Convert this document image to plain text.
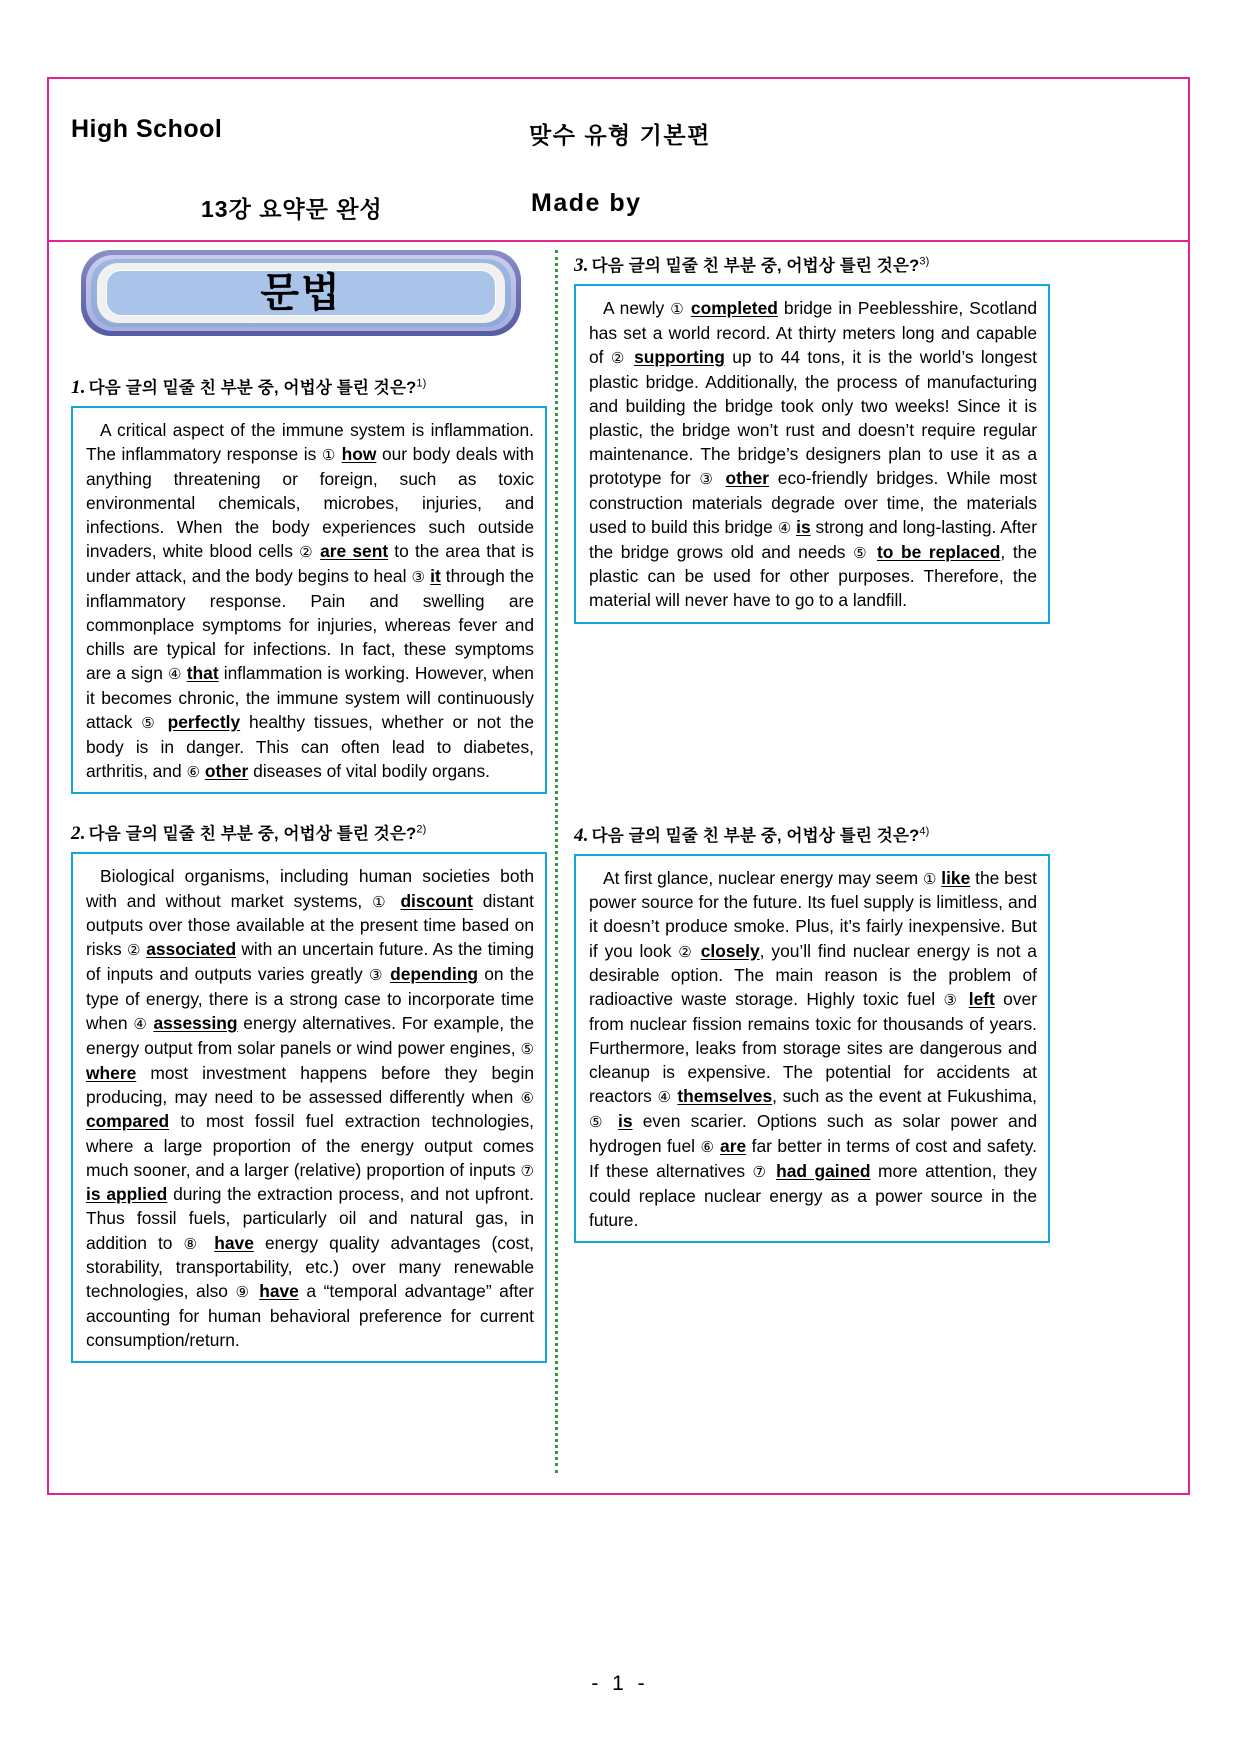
High School	맞수 유형 기본편
13강 요약문 완성	Made by
문법
1. 다음 글의 밑줄 친 부분 중, 어법상 틀린 것은?$^{1)}$
A critical aspect of the immune system is inflammation. The inflammatory response is ① how our body deals with anything threatening or foreign, such as toxic environmental chemicals, microbes, injuries, and infections. When the body experiences such outside invaders, white blood cells ② are sent to the area that is under attack, and the body begins to heal ③ it through the inflammatory response. Pain and swelling are commonplace symptoms for injuries, whereas fever and chills are typical for infections. In fact, these symptoms are a sign ④ that inflammation is working. However, when it becomes chronic, the immune system will continuously attack ⑤ perfectly healthy tissues, whether or not the body is in danger. This can often lead to diabetes, arthritis, and ⑥ other diseases of vital bodily organs.
2. 다음 글의 밑줄 친 부분 중, 어법상 틀린 것은?$^{2)}$
Biological organisms, including human societies both with and without market systems, ① discount distant outputs over those available at the present time based on risks ② associated with an uncertain future. As the timing of inputs and outputs varies greatly ③ depending on the type of energy, there is a strong case to incorporate time when ④ assessing energy alternatives. For example, the energy output from solar panels or wind power engines, ⑤ where most investment happens before they begin producing, may need to be assessed differently when ⑥ compared to most fossil fuel extraction technologies, where a large proportion of the energy output comes much sooner, and a larger (relative) proportion of inputs ⑦ is applied during the extraction process, and not upfront. Thus fossil fuels, particularly oil and natural gas, in addition to ⑧ have energy quality advantages (cost, storability, transportability, etc.) over many renewable technologies, also ⑨ have a “temporal advantage” after accounting for human behavioral preference for current consumption/return.
3. 다음 글의 밑줄 친 부분 중, 어법상 틀린 것은?$^{3)}$
A newly ① completed bridge in Peeblesshire, Scotland has set a world record. At thirty meters long and capable of ② supporting up to 44 tons, it is the world’s longest plastic bridge. Additionally, the process of manufacturing and building the bridge took only two weeks! Since it is plastic, the bridge won’t rust and doesn’t require regular maintenance. The bridge’s designers plan to use it as a prototype for ③ other eco-friendly bridges. While most construction materials degrade over time, the materials used to build this bridge ④ is strong and long-lasting. After the bridge grows old and needs ⑤ to be replaced, the plastic can be used for other purposes. Therefore, the material will never have to go to a landfill.
4. 다음 글의 밑줄 친 부분 중, 어법상 틀린 것은?$^{4)}$
At first glance, nuclear energy may seem ① like the best power source for the future. Its fuel supply is limitless, and it doesn’t produce smoke. Plus, it’s fairly inexpensive. But if you look ② closely, you’ll find nuclear energy is not a desirable option. The main reason is the problem of radioactive waste storage. Highly toxic fuel ③ left over from nuclear fission remains toxic for thousands of years. Furthermore, leaks from storage sites are dangerous and cleanup is expensive. The potential for accidents at reactors ④ themselves, such as the event at Fukushima, ⑤ is even scarier. Options such as solar power and hydrogen fuel ⑥ are far better in terms of cost and safety. If these alternatives ⑦ had gained more attention, they could replace nuclear energy as a power source in the future.
- 1 -
